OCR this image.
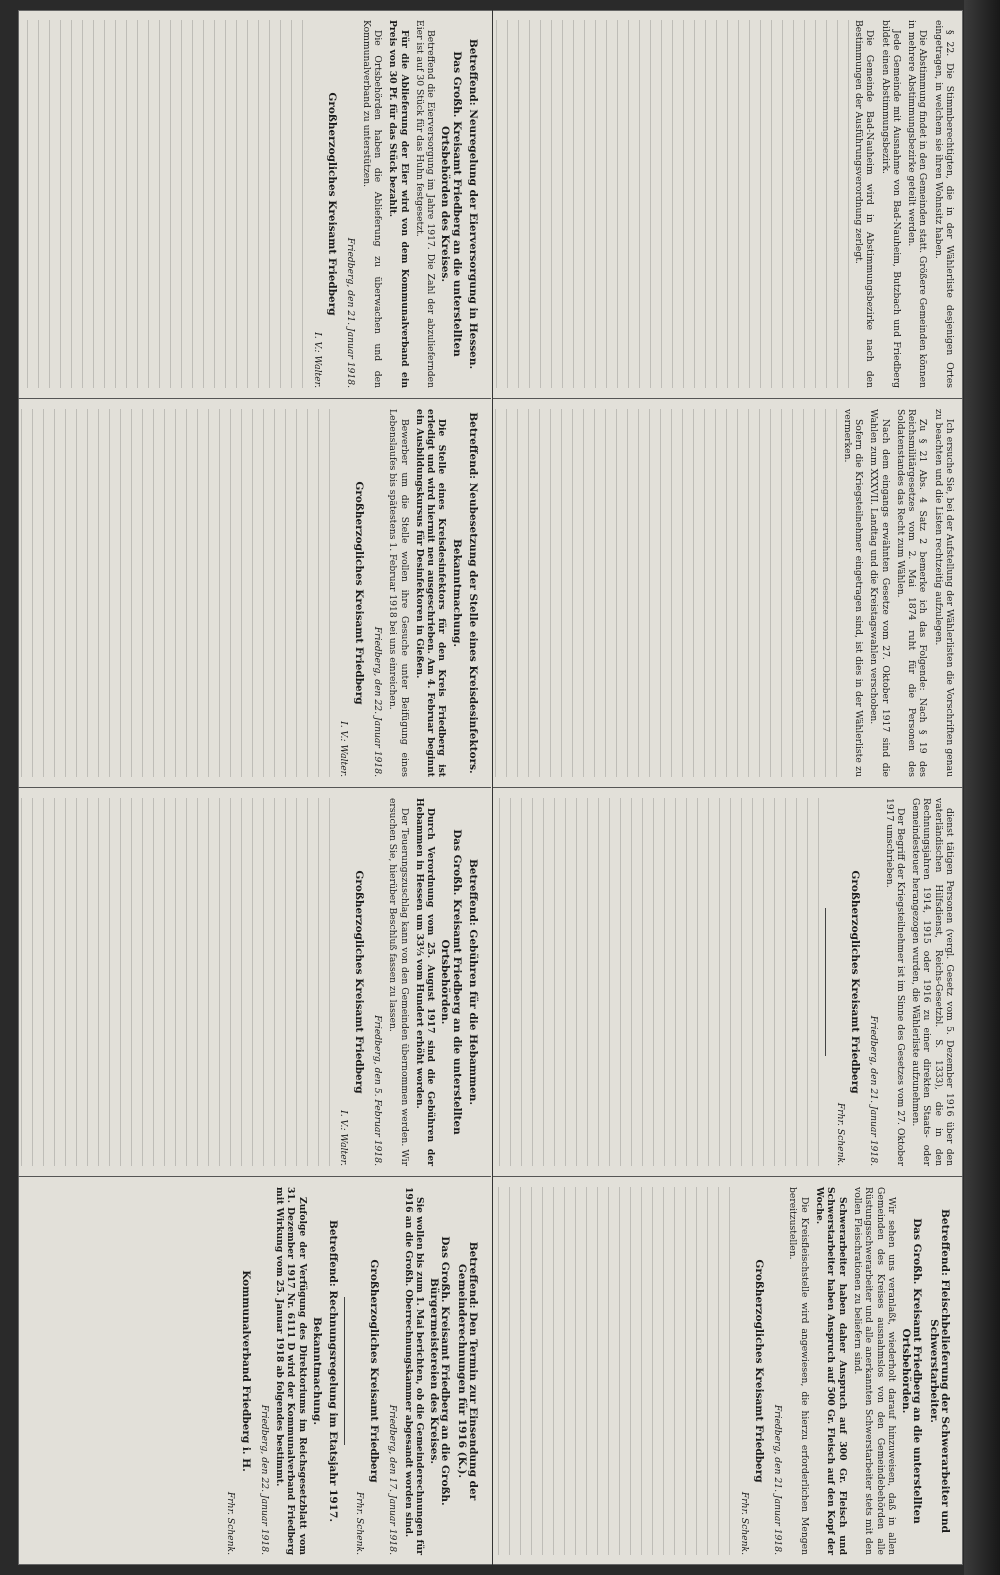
§ 22. Die Stimmberechtigten, die in der Wählerliste desjenigen Ortes eingetragen, in welchem sie ihren Wohnsitz haben.

Die Abstimmung findet in den Gemeinden statt. Größere Gemeinden können in mehrere Abstimmungsbezirke geteilt werden.

Jede Gemeinde mit Ausnahme von Bad-Nauheim, Butzbach und Friedberg bildet einen Abstimmungsbezirk.

Die Gemeinde Bad-Nauheim wird in Abstimmungsbezirke nach den Bestimmungen der Ausführungsverordnung zerlegt.

Ich ersuche Sie, bei der Aufstellung der Wählerlisten die Vorschriften genau zu beachten und die Listen rechtzeitig aufzulegen.

Zu § 21 Abs. 4 Satz 2 bemerke ich das Folgende: Nach § 19 des Reichsmilitärgesetzes vom 2. Mai 1874 ruht für die Personen des Soldatenstandes das Recht zum Wählen.

Nach dem eingangs erwähnten Gesetze vom 27. Oktober 1917 sind die Wahlen zum XXXVII. Landtag und die Kreistagswahlen verschoben.

Sofern die Kriegsteilnehmer eingetragen sind, ist dies in der Wählerliste zu vermerken.

dienst tätigen Personen (vergl. Gesetz vom 5. Dezember 1916 über den vaterländischen Hilfsdienst, Reichs-Gesetzbl. S. 1333), die in den Rechnungsjahren 1914, 1915 oder 1916 zu einer direkten Staats- oder Gemeindesteuer herangezogen wurden, die Wählerliste aufzunehmen.

Der Begriff der Kriegsteilnehmer ist im Sinne des Gesetzes vom 27. Oktober 1917 umschrieben.

Friedberg, den 21. Januar 1918.

Großherzogliches Kreisamt Friedberg

Frhr. Schenk.

Betreffend: Fleischbelieferung der Schwerarbeiter und Schwerstarbeiter.

Das Großh. Kreisamt Friedberg an die unterstellten Ortsbehörden.

Wir sehen uns veranlaßt, wiederholt darauf hinzuweisen, daß in allen Gemeinden des Kreises ausnahmslos von den Gemeindebehörden alle Rüstungsschwerarbeiter und alle anerkannten Schwerstarbeiter stets mit den vollen Fleischrationen zu beliefern sind.

Schwerarbeiter haben daher Anspruch auf 300 Gr. Fleisch und Schwerstarbeiter haben Anspruch auf 500 Gr. Fleisch auf den Kopf der Woche.

Die Kreisfleischstelle wird angewiesen, die hierzu erforderlichen Mengen bereitzustellen.

Friedberg, den 21. Januar 1918.

Großherzogliches Kreisamt Friedberg

Frhr. Schenk.

Betreffend: Neuregelung der Eierversorgung in Hessen.

Das Großh. Kreisamt Friedberg an die unterstellten Ortsbehörden des Kreises.

Betreffend die Eierversorgung im Jahre 1917. Die Zahl der abzuliefernden Eier ist auf 30 Stück für das Huhn festgesetzt.

Für die Ablieferung der Eier wird von dem Kommunalverband ein Preis von 30 Pf. für das Stück bezahlt.

Die Ortsbehörden haben die Ablieferung zu überwachen und den Kommunalverband zu unterstützen.

Friedberg, den 21. Januar 1918.

Großherzogliches Kreisamt Friedberg

I. V.: Walter.

Betreffend: Neubesetzung der Stelle eines Kreisdesinfektors.

Bekanntmachung.

Die Stelle eines Kreisdesinfektors für den Kreis Friedberg ist erledigt und wird hiermit neu ausgeschrieben. Am 4. Februar beginnt ein Ausbildungskursus für Desinfektoren in Gießen.

Bewerber um die Stelle wollen ihre Gesuche unter Beifügung eines Lebenslaufes bis spätestens 1. Februar 1918 bei uns einreichen.

Friedberg, den 22. Januar 1918.

Großherzogliches Kreisamt Friedberg

I. V.: Walter.

Betreffend: Gebühren für die Hebammen.

Das Großh. Kreisamt Friedberg an die unterstellten Ortsbehörden.

Durch Verordnung vom 25. August 1917 sind die Gebühren der Hebammen in Hessen um 33⅓ vom Hundert erhöht worden.

Der Teuerungszuschlag kann von den Gemeinden übernommen werden. Wir ersuchen Sie, hierüber Beschluß fassen zu lassen.

Friedberg, den 5. Februar 1918.

Großherzogliches Kreisamt Friedberg

I. V.: Walter.

Betreffend: Den Termin zur Einsendung der Gemeinderechnungen für 1916 (K.).

Das Großh. Kreisamt Friedberg an die Großh. Bürgermeistereien des Kreises.

Sie wollen bis zum 1. Mai berichten, ob die Gemeinderechnungen für 1916 an die Großh. Oberrechnungskammer abgesandt worden sind.

Friedberg, den 17. Januar 1918.

Großherzogliches Kreisamt Friedberg

Frhr. Schenk.

Betreffend: Rechnungsregelung im Etatsjahr 1917.

Bekanntmachung.

Zufolge der Verfügung des Direktoriums im Reichsgesetzblatt vom 31. Dezember 1917 Nr. 6111 D wird der Kommunalverband Friedberg mit Wirkung vom 25. Januar 1918 ab folgendes bestimmt.

Friedberg, den 22. Januar 1918.

Kommunalverband Friedberg i. H.

Frhr. Schenk.
